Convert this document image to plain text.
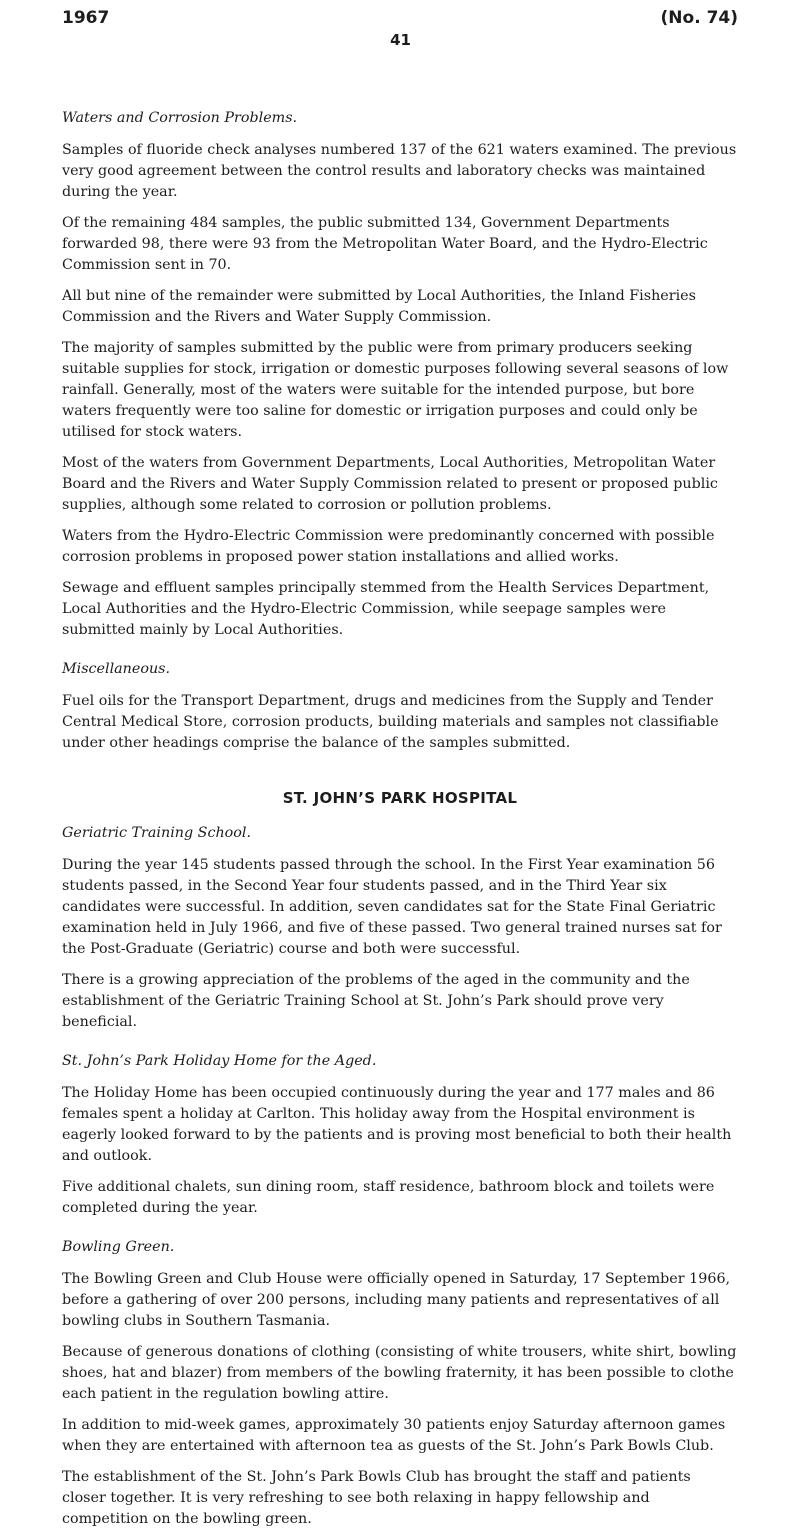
1967	(No. 74)
41
Waters and Corrosion Problems.

Samples of fluoride check analyses numbered 137 of the 621 waters examined. The previous very good agreement between the control results and laboratory checks was maintained during the year.

Of the remaining 484 samples, the public submitted 134, Government Departments forwarded 98, there were 93 from the Metropolitan Water Board, and the Hydro-Electric Commission sent in 70.

All but nine of the remainder were submitted by Local Authorities, the Inland Fisheries Commission and the Rivers and Water Supply Commission.

The majority of samples submitted by the public were from primary producers seeking suitable supplies for stock, irrigation or domestic purposes following several seasons of low rainfall. Generally, most of the waters were suitable for the intended purpose, but bore waters frequently were too saline for domestic or irrigation purposes and could only be utilised for stock waters.

Most of the waters from Government Departments, Local Authorities, Metropolitan Water Board and the Rivers and Water Supply Commission related to present or proposed public supplies, although some related to corrosion or pollution problems.

Waters from the Hydro-Electric Commission were predominantly concerned with possible corrosion problems in proposed power station installations and allied works.

Sewage and effluent samples principally stemmed from the Health Services Department, Local Authorities and the Hydro-Electric Commission, while seepage samples were submitted mainly by Local Authorities.

Miscellaneous.

Fuel oils for the Transport Department, drugs and medicines from the Supply and Tender Central Medical Store, corrosion products, building materials and samples not classifiable under other headings comprise the balance of the samples submitted.

ST. JOHN’S PARK HOSPITAL
Geriatric Training School.

During the year 145 students passed through the school. In the First Year examination 56 students passed, in the Second Year four students passed, and in the Third Year six candidates were successful. In addition, seven candidates sat for the State Final Geriatric examination held in July 1966, and five of these passed. Two general trained nurses sat for the Post-Graduate (Geriatric) course and both were successful.

There is a growing appreciation of the problems of the aged in the community and the establishment of the Geriatric Training School at St. John’s Park should prove very beneficial.

St. John’s Park Holiday Home for the Aged.

The Holiday Home has been occupied continuously during the year and 177 males and 86 females spent a holiday at Carlton. This holiday away from the Hospital environment is eagerly looked forward to by the patients and is proving most beneficial to both their health and outlook.

Five additional chalets, sun dining room, staff residence, bathroom block and toilets were completed during the year.

Bowling Green.

The Bowling Green and Club House were officially opened in Saturday, 17 September 1966, before a gathering of over 200 persons, including many patients and representatives of all bowling clubs in Southern Tasmania.

Because of generous donations of clothing (consisting of white trousers, white shirt, bowling shoes, hat and blazer) from members of the bowling fraternity, it has been possible to clothe each patient in the regulation bowling attire.

In addition to mid-week games, approximately 30 patients enjoy Saturday afternoon games when they are entertained with afternoon tea as guests of the St. John’s Park Bowls Club.

The establishment of the St. John’s Park Bowls Club has brought the staff and patients closer together. It is very refreshing to see both relaxing in happy fellowship and competition on the bowling green.
